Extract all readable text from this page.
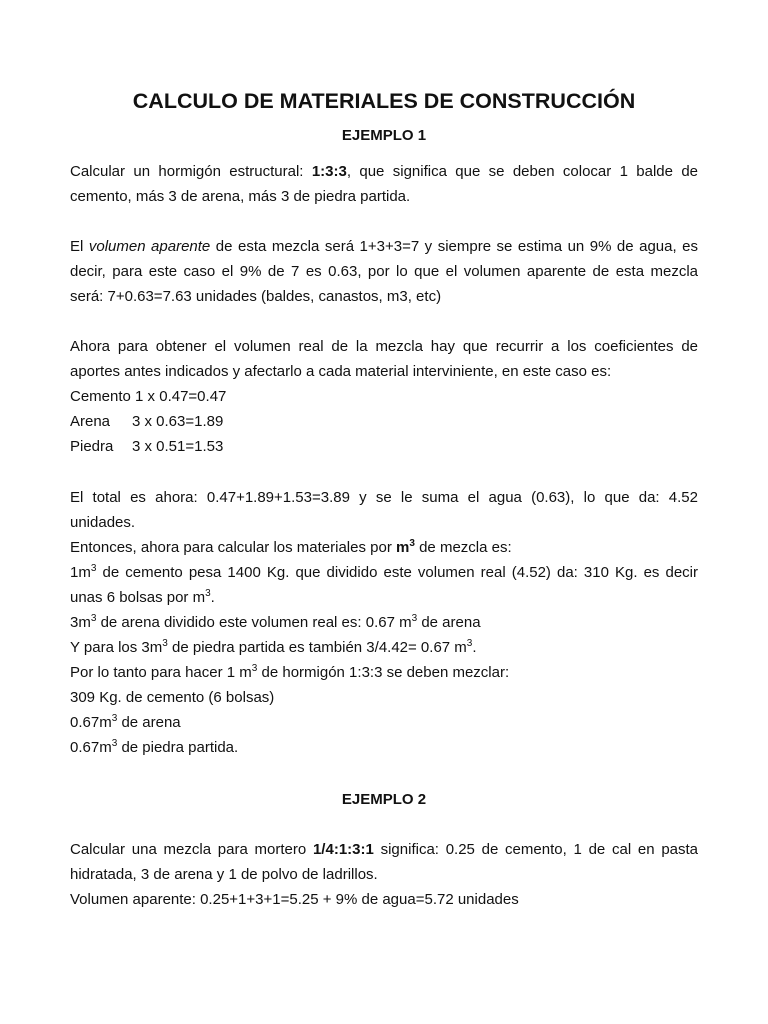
CALCULO DE MATERIALES DE CONSTRUCCIÓN
EJEMPLO 1
Calcular un hormigón estructural: 1:3:3, que significa que se deben colocar 1 balde de
cemento, más 3 de arena, más 3 de piedra partida.
El volumen aparente de esta mezcla será 1+3+3=7 y siempre se estima un 9% de agua, es
decir, para este caso el 9% de 7 es 0.63, por lo que el volumen aparente de esta mezcla
será: 7+0.63=7.63 unidades (baldes, canastos, m3, etc)
Ahora para obtener el volumen real de la mezcla hay que recurrir a los coeficientes de
aportes antes indicados y afectarlo a cada material interviniente, en este caso es:
Cemento 1 x 0.47=0.47
Arena 3 x 0.63=1.89
Piedra 3 x 0.51=1.53
El total es ahora: 0.47+1.89+1.53=3.89 y se le suma el agua (0.63), lo que da: 4.52
unidades.
Entonces, ahora para calcular los materiales por $m^3$ de mezcla es:
$1m^3$ de cemento pesa 1400 Kg. que dividido este volumen real (4.52) da: 310 Kg. es decir
unas 6 bolsas por $m^3$.
$3m^3$ de arena dividido este volumen real es: 0.67 $m^3$ de arena
Y para los $3m^3$ de piedra partida es también 3/4.42= 0.67 $m^3$.
Por lo tanto para hacer 1 $m^3$ de hormigón 1:3:3 se deben mezclar:
309 Kg. de cemento (6 bolsas)
$0.67m^3$ de arena
$0.67m^3$ de piedra partida.
EJEMPLO 2
Calcular una mezcla para mortero 1/4:1:3:1 significa: 0.25 de cemento, 1 de cal en pasta
hidratada, 3 de arena y 1 de polvo de ladrillos.
Volumen aparente: 0.25+1+3+1=5.25 + 9% de agua=5.72 unidades
